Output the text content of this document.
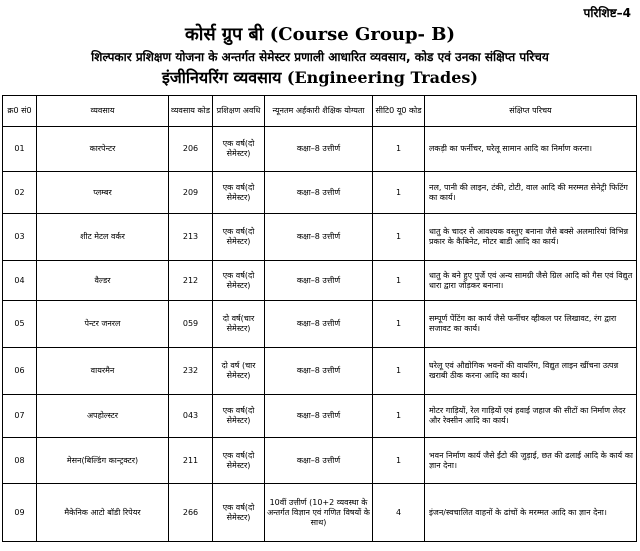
परिशिष्ट–4
कोर्स ग्रुप बी (Course Group- B)
शिल्पकार प्रशिक्षण योजना के अन्तर्गत सेमेस्टर प्रणाली आधारित व्यवसाय, कोड एवं उनका संक्षिप्त परिचय
इंजीनियरिंग व्यवसाय (Engineering Trades)
क्र0 सं0	व्यवसाय	व्यवसाय कोड	प्रशिक्षण अवधि	न्यूनतम अर्हकारी शैक्षिक योग्यता	सीटि0 यू0 कोड	संक्षिप्त परिचय
01	कारपेन्टर	206	एक वर्ष(दो सेमेस्टर)	कक्षा–8 उत्तीर्ण	1	लकड़ी का फर्नीचर, घरेलू सामान आदि का निर्माण करना।
02	प्लम्बर	209	एक वर्ष(दो सेमेस्टर)	कक्षा–8 उत्तीर्ण	1	नल, पानी की लाइन, टंकी, टोटी, वाल आदि की मरम्मत सेनेट्री फिटिंग का कार्य।
03	शीट मेटल वर्कर	213	एक वर्ष(दो सेमेस्टर)	कक्षा–8 उत्तीर्ण	1	धातु के चादर से आवश्यक वस्तुए बनाना जैसे बक्से अलमारियां विभिन्न प्रकार के कैबिनेट, मोटर बाडी आदि का कार्य।
04	वैल्डर	212	एक वर्ष(दो सेमेस्टर)	कक्षा–8 उत्तीर्ण	1	धातु के बने हुए पुर्जे एवं अन्य सामग्री जैसे ग्रिल आदि को गैस एवं विद्युत धारा द्वारा जोड़कर बनाना।
05	पेन्टर जनरल	059	दो वर्ष(चार सेमेस्टर)	कक्षा–8 उत्तीर्ण	1	सम्पूर्ण पेंटिंग का कार्य जैसे फर्नीचर व्हीकल पर लिखावट, रंग द्वारा सजावट का कार्य।
06	वायरमैन	232	दो वर्ष (चार सेमेस्टर)	कक्षा–8 उत्तीर्ण	1	घरेलू एवं औद्योगिक भवनों की वायरिंग, विद्युत लाइन खींचना उत्पन्न खराबी ठीक करना आदि का कार्य।
07	अपहोल्स्टर	043	एक वर्ष(दो सेमेस्टर)	कक्षा–8 उत्तीर्ण	1	मोटर गाड़ियों, रेल गाड़ियों एवं हवाई जहाज की सीटों का निर्माण लेदर और रेक्सीन आदि का कार्य।
08	मेसन(बिल्डिंग कान्ट्रक्टर)	211	एक वर्ष(दो सेमेस्टर)	कक्षा–8 उत्तीर्ण	1	भवन निर्माण कार्य जैसे ईंटो की जुड़ाई, छत की ढलाई आदि के कार्य का ज्ञान देना।
09	मैकेनिक आटो बॉडी रिपेयर	266	एक वर्ष(दो सेमेस्टर)	10वीं उत्तीर्ण (10+2 व्यवस्था के अन्तर्गत विज्ञान एवं गणित विषयों के साथ)	4	इंजन/स्वचालित वाहनों के ढांचों के मरम्मत आदि का ज्ञान देना।
